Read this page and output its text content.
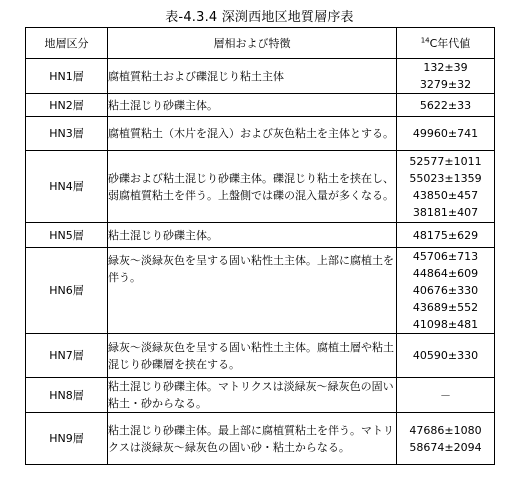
表-4.3.4 深渕西地区地質層序表
地層区分	層相および特徴	$^{14}$C年代値
HN1層	腐植質粘土および礫混じり粘土主体	132±39
3279±32

HN2層	粘土混じり砂礫主体。	5622±33

HN3層	腐植質粘土（木片を混入）および灰色粘土を主体とする。	49960±741

HN4層	砂礫および粘土混じり砂礫主体。礫混じり粘土を挟在し、弱腐植質粘土を伴う。上盤側では礫の混入量が多くなる。	52577±1011
55023±1359
43850±457
38181±407

HN5層	粘土混じり砂礫主体。	48175±629

HN6層	緑灰～淡緑灰色を呈する固い粘性土主体。上部に腐植土を伴う。	45706±713
44864±609
40676±330
43689±552
41098±481

HN7層	緑灰～淡緑灰色を呈する固い粘性土主体。腐植土層や粘土混じり砂礫層を挟在する。	40590±330

HN8層	粘土混じり砂礫主体。マトリクスは淡緑灰～緑灰色の固い粘土・砂からなる。	－

HN9層	粘土混じり砂礫主体。最上部に腐植質粘土を伴う。マトリクスは淡緑灰～緑灰色の固い砂・粘土からなる。	47686±1080
58674±2094
